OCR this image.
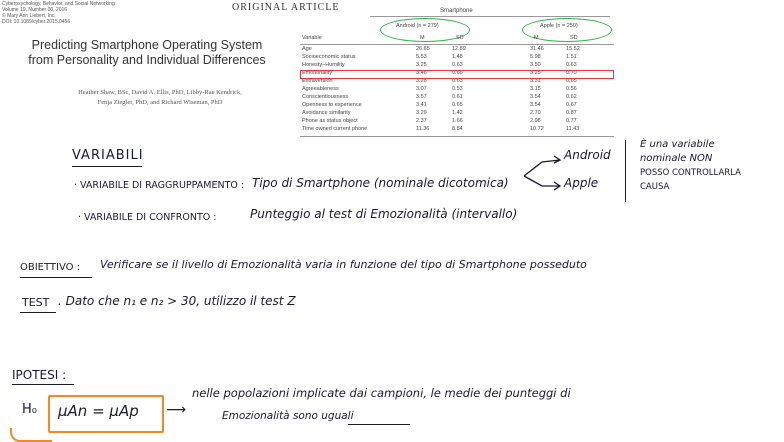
Cyberpsychology, Behavior, and Social Networking
Volume 19, Number 00, 2016
© Mary Ann Liebert, Inc.
DOI: 10.1089/cyber.2015.0456
ORIGINAL ARTICLE
Predicting Smartphone Operating System
from Personality and Individual Differences
Heather Shaw, BSc, David A. Ellis, PhD, Libby-Rae Kendrick,
Fenja Ziegler, PhD, and Richard Wiseman, PhD
Smartphone
Android (n = 279)	Apple (n = 250)
Variable	M	SD	M	SD
Age	26.65	12.89	31.46	15.52
Socioeconomic status	5.53	1.48	5.98	1.51
Honesty–Humility	3.25	0.63	3.50	0.63
Emotionality	3.46	0.66	3.25	0.70
Extraversion	3.28	0.63	3.31	0.65
Agreeableness	3.07	0.53	3.15	0.56
Conscientiousness	3.57	0.61	3.54	0.62
Openness to experience	3.41	0.65	3.54	0.67
Avoidance similarity	3.29	1.42	2.70	0.87
Phone as status object	2.37	1.66	2.98	0.77
Time owned current phone	11.36	8.84	10.72	11.43
VARIABILI
· VARIABILE DI RAGGRUPPAMENTO : Tipo di Smartphone (nominale dicotomica)
Android
Apple
È una variabile
nominale NON
POSSO CONTROLLARLA
CAUSA
· VARIABILE DI CONFRONTO :	Punteggio al test di Emozionalità (intervallo)
OBIETTIVO : Verificare se il livello di Emozionalità varia in funzione del tipo di Smartphone posseduto
TEST . Dato che n₁ e n₂ > 30, utilizzo il test Z
IPOTESI :
H₀ μAn = μAp ⟶
nelle popolazioni implicate dai campioni, le medie dei punteggi di
Emozionalità sono uguali
